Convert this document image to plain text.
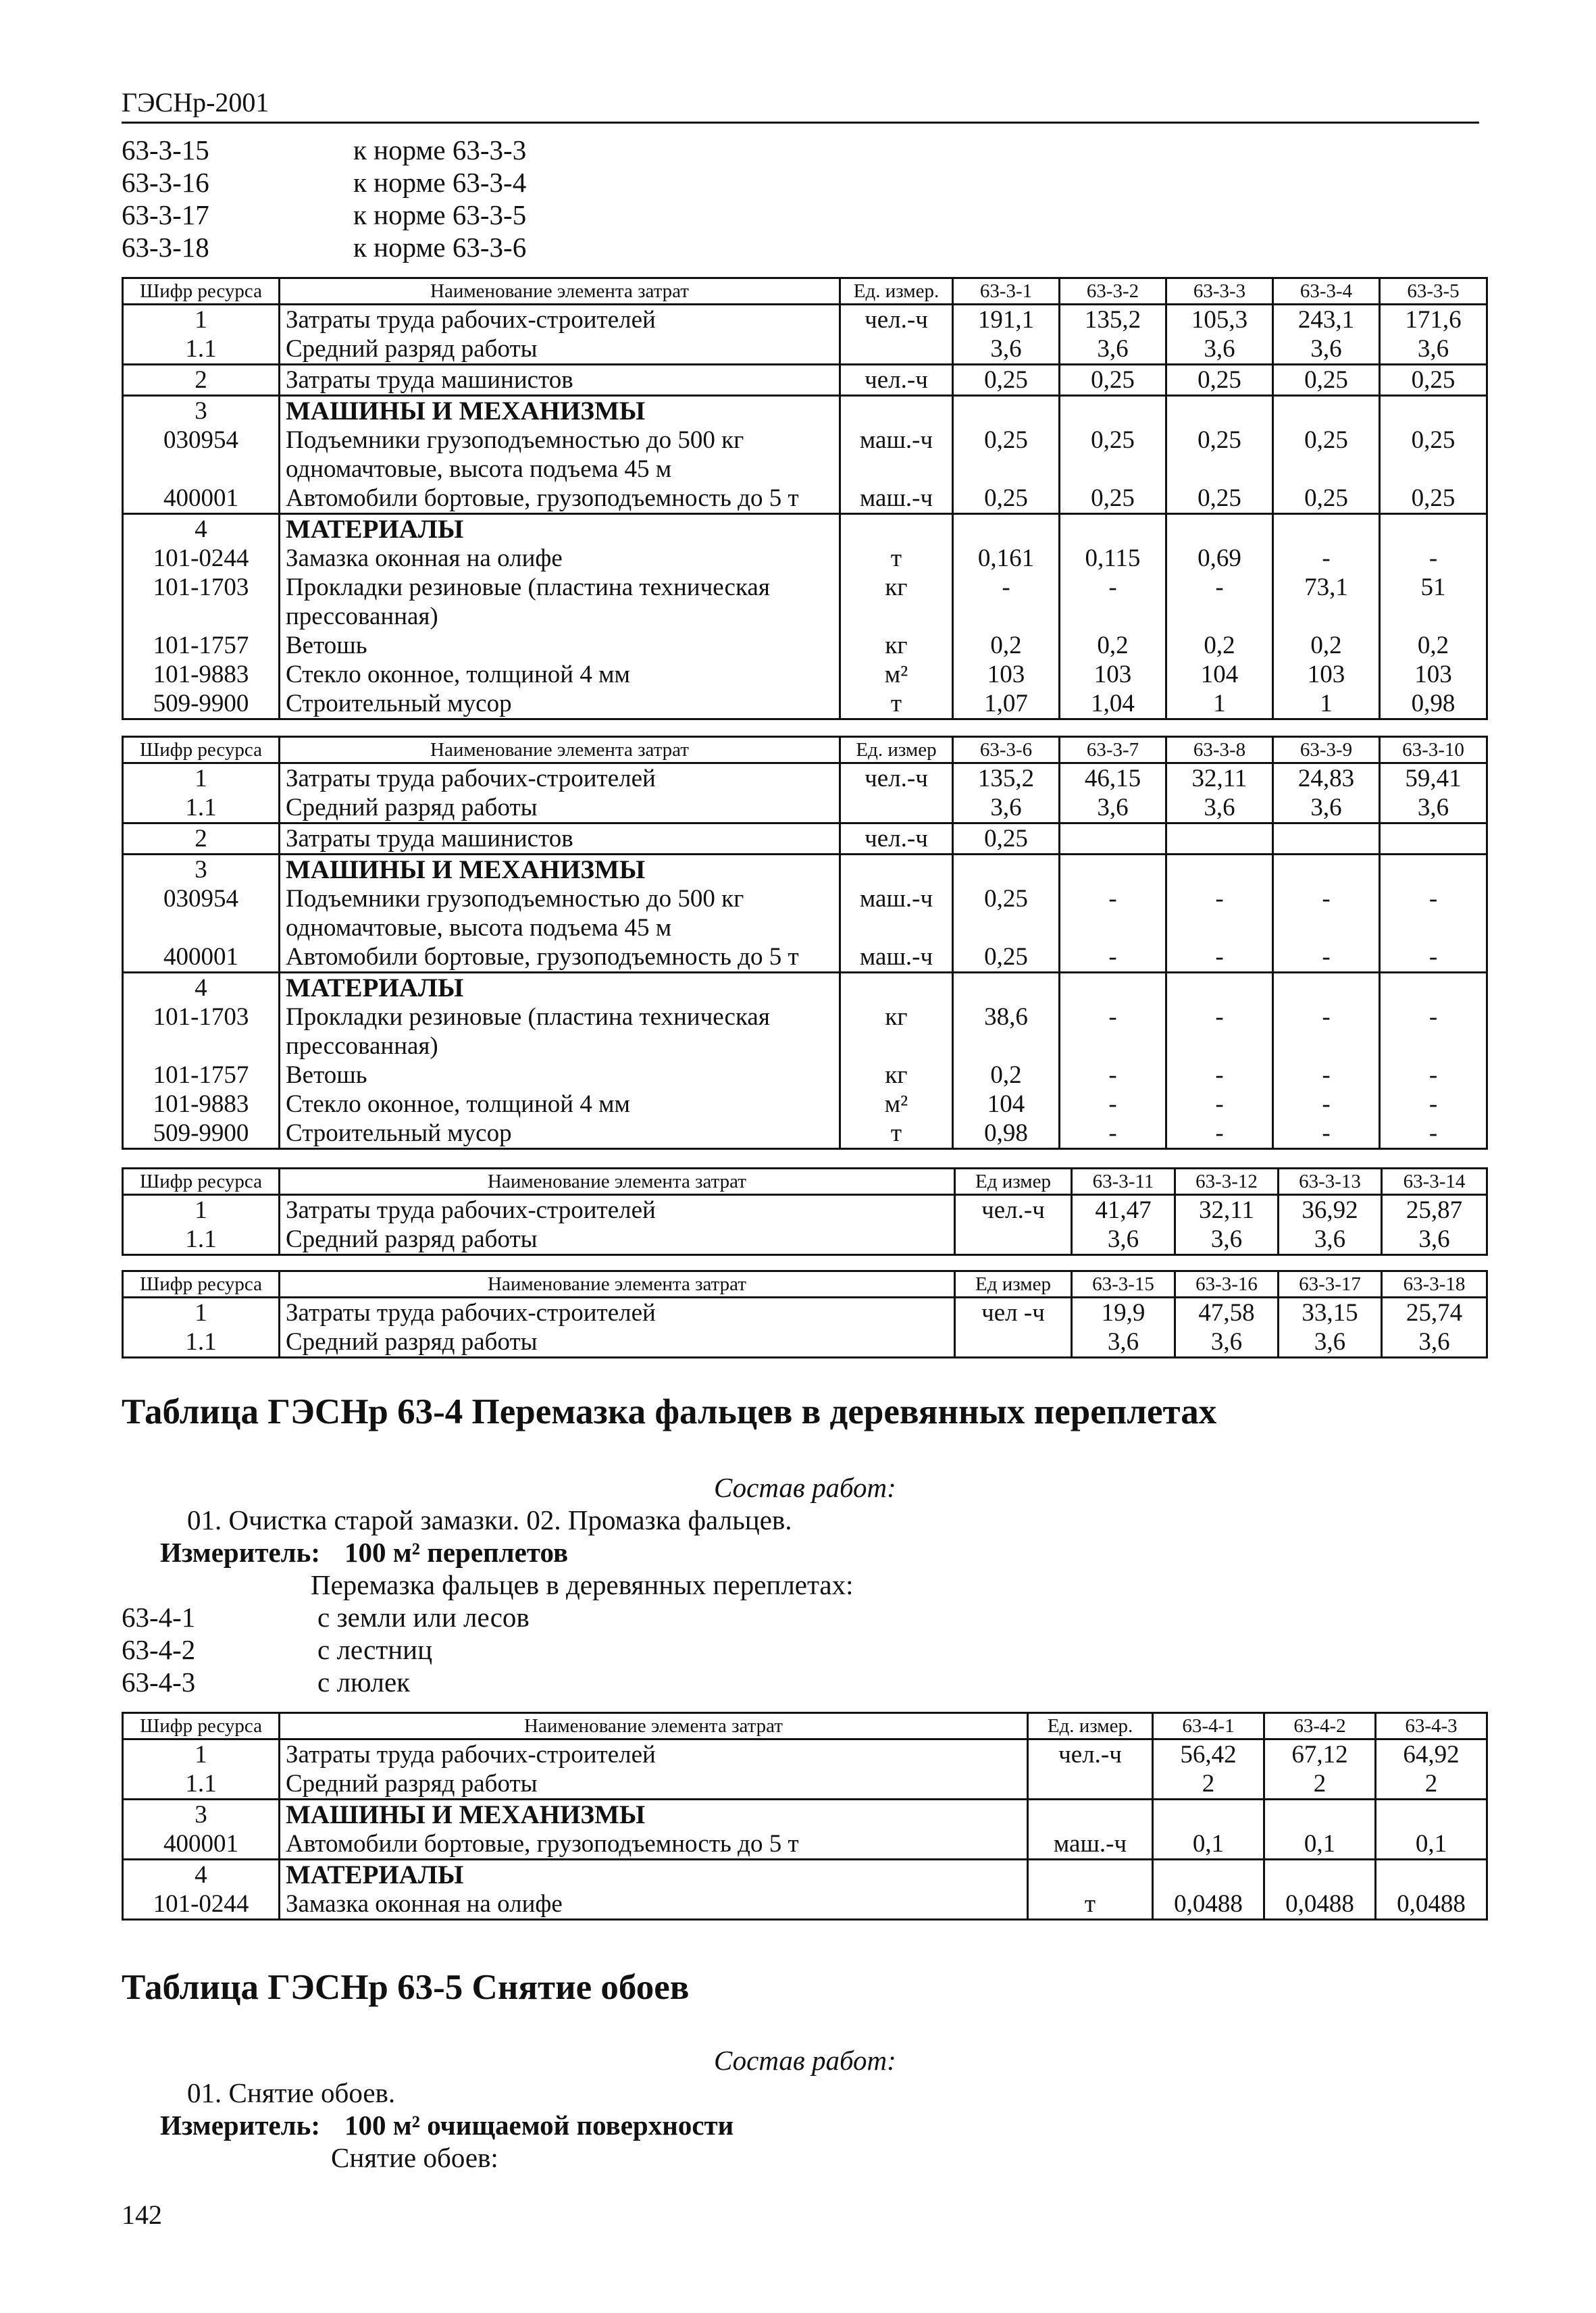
ГЭСНр-2001
63-3-15	к норме 63-3-3
63-3-16	к норме 63-3-4
63-3-17	к норме 63-3-5
63-3-18	к норме 63-3-6
Шифр ресурса	Наименование элемента затрат	Ед. измер.	63-3-1	63-3-2	63-3-3	63-3-4	63-3-5
1	Затраты труда рабочих-строителей	чел.-ч	191,1	135,2	105,3	243,1	171,6
1.1	Средний разряд работы		3,6	3,6	3,6	3,6	3,6
2	Затраты труда машинистов	чел.-ч	0,25	0,25	0,25	0,25	0,25
3	МАШИНЫ И МЕХАНИЗМЫ						
030954	Подъемники грузоподъемностью до 500 кг одномачтовые, высота подъема 45 м	маш.-ч	0,25	0,25	0,25	0,25	0,25
400001	Автомобили бортовые, грузоподъемность до 5 т	маш.-ч	0,25	0,25	0,25	0,25	0,25
4	МАТЕРИАЛЫ						
101-0244	Замазка оконная на олифе	т	0,161	0,115	0,69	-	-
101-1703	Прокладки резиновые (пластина техническая прессованная)	кг	-	-	-	73,1	51
101-1757	Ветошь	кг	0,2	0,2	0,2	0,2	0,2
101-9883	Стекло оконное, толщиной 4 мм	м²	103	103	104	103	103
509-9900	Строительный мусор	т	1,07	1,04	1	1	0,98
Шифр ресурса	Наименование элемента затрат	Ед. измер	63-3-6	63-3-7	63-3-8	63-3-9	63-3-10
1	Затраты труда рабочих-строителей	чел.-ч	135,2	46,15	32,11	24,83	59,41
1.1	Средний разряд работы		3,6	3,6	3,6	3,6	3,6
2	Затраты труда машинистов	чел.-ч	0,25				
3	МАШИНЫ И МЕХАНИЗМЫ						
030954	Подъемники грузоподъемностью до 500 кг одномачтовые, высота подъема 45 м	маш.-ч	0,25	-	-	-	-
400001	Автомобили бортовые, грузоподъемность до 5 т	маш.-ч	0,25	-	-	-	-
4	МАТЕРИАЛЫ						
101-1703	Прокладки резиновые (пластина техническая прессованная)	кг	38,6	-	-	-	-
101-1757	Ветошь	кг	0,2	-	-	-	-
101-9883	Стекло оконное, толщиной 4 мм	м²	104	-	-	-	-
509-9900	Строительный мусор	т	0,98	-	-	-	-
Шифр ресурса	Наименование элемента затрат	Ед измер	63-3-11	63-3-12	63-3-13	63-3-14
1	Затраты труда рабочих-строителей	чел.-ч	41,47	32,11	36,92	25,87
1.1	Средний разряд работы		3,6	3,6	3,6	3,6
Шифр ресурса	Наименование элемента затрат	Ед измер	63-3-15	63-3-16	63-3-17	63-3-18
1	Затраты труда рабочих-строителей	чел -ч	19,9	47,58	33,15	25,74
1.1	Средний разряд работы		3,6	3,6	3,6	3,6
Таблица ГЭСНр 63-4 Перемазка фальцев в деревянных переплетах
Состав работ:
01. Очистка старой замазки. 02. Промазка фальцев.
Измеритель: 100 м² переплетов
Перемазка фальцев в деревянных переплетах:
63-4-1	с земли или лесов
63-4-2	с лестниц
63-4-3	с люлек
Шифр ресурса	Наименование элемента затрат	Ед. измер.	63-4-1	63-4-2	63-4-3
1	Затраты труда рабочих-строителей	чел.-ч	56,42	67,12	64,92
1.1	Средний разряд работы		2	2	2
3	МАШИНЫ И МЕХАНИЗМЫ				
400001	Автомобили бортовые, грузоподъемность до 5 т	маш.-ч	0,1	0,1	0,1
4	МАТЕРИАЛЫ				
101-0244	Замазка оконная на олифе	т	0,0488	0,0488	0,0488
Таблица ГЭСНр 63-5 Снятие обоев
Состав работ:
01. Снятие обоев.
Измеритель: 100 м² очищаемой поверхности
Снятие обоев:
142
